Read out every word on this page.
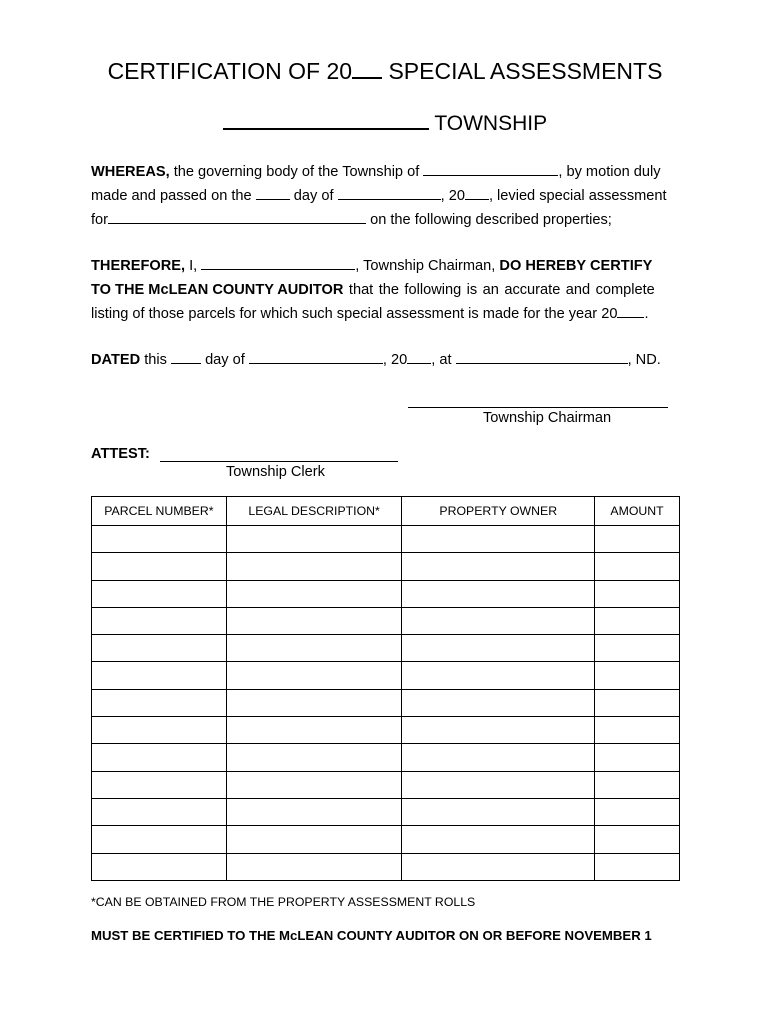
CERTIFICATION OF 20 SPECIAL ASSESSMENTS
TOWNSHIP
WHEREAS, the governing body of the Township of	, by motion duly
made and passed on the  day of	, 20 , levied special assessment
for	on the following described properties;
THEREFORE, I,	, Township Chairman, DO HEREBY CERTIFY
TO THE McLEAN COUNTY AUDITOR that the following is an accurate and complete
listing of those parcels for which such special assessment is made for the year 20 .
DATED this  day of	, 20 , at	, ND.
Township Chairman
ATTEST:
Township Clerk
PARCEL NUMBER*	LEGAL DESCRIPTION*	PROPERTY OWNER	AMOUNT

*CAN BE OBTAINED FROM THE PROPERTY ASSESSMENT ROLLS
MUST BE CERTIFIED TO THE McLEAN COUNTY AUDITOR ON OR BEFORE NOVEMBER 1
